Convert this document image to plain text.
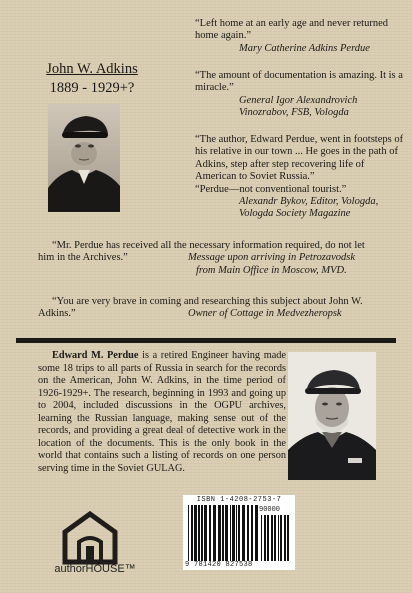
John W. Adkins
1889 - 1929+?
“Left home at an early age and never returned home again.”
Mary Catherine Adkins Perdue
“The amount of documentation is amazing. It is a miracle.”
General Igor Alexandrovich
Vinozrabov, FSB, Vologda
“The author, Edward Perdue, went in footsteps of his relative in our town ... He goes in the path of Adkins, step after step recovering life of American to Soviet Russia.”
“Perdue—not conventional tourist.”
Alexandr Bykov, Editor, Vologda,
Vologda Society Magazine
“Mr. Perdue has received all the necessary information required, do not let him in the Archives.”	Message upon arriving in Petrozavodsk
from Main Office in Moscow, MVD.
“You are very brave in coming and researching this subject about John W. Adkins.”	Owner of Cottage in Medvezheropsk
Edward M. Perdue is a retired Engineer having made some 18 trips to all parts of Russia in search for the records on the American, John W. Adkins, in the time period of 1926-1929+. The research, beginning in 1993 and going up to 2004, included discussions in the OGPU archives, learning the Russian language, making sense out of the records, and providing a great deal of detective work in the location of the documents. This is the only book in the world that contains such a listing of records on one person serving time in the Soviet GULAG.
authorHOUSE™
ISBN 1-4208-2753-7
90000
9 781420 827538
